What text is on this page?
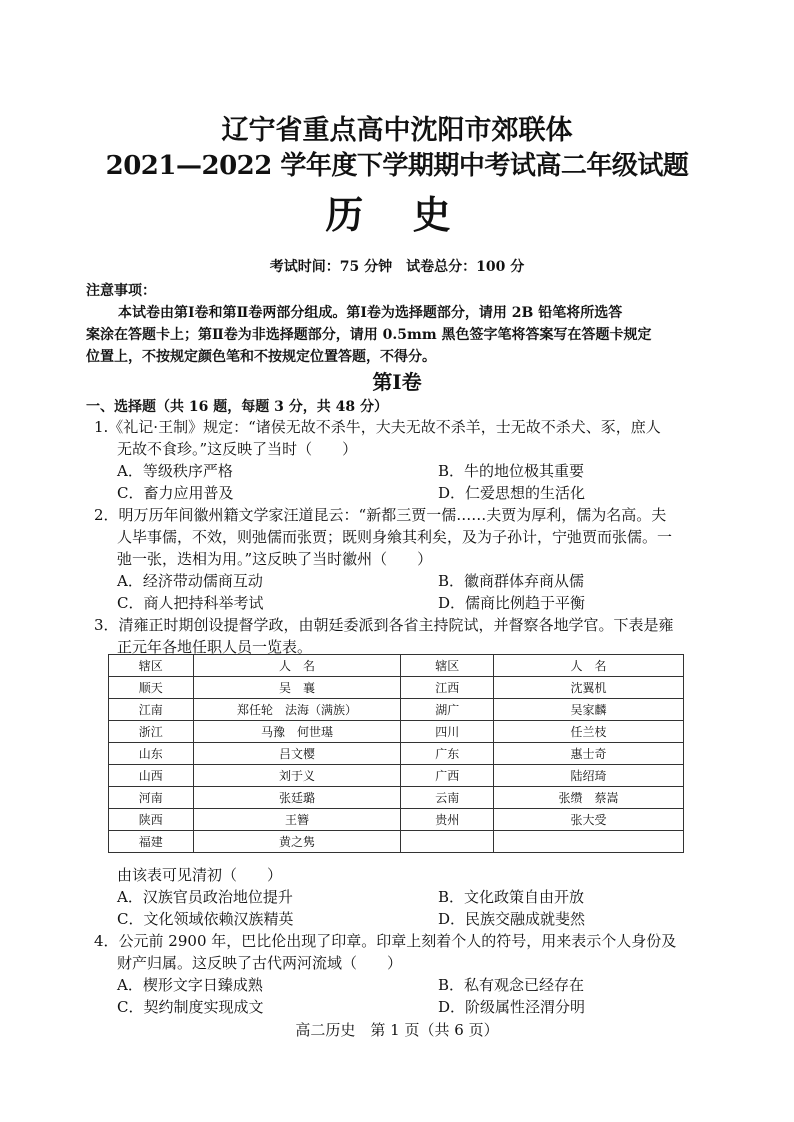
辽宁省重点高中沈阳市郊联体
2021—2022 学年度下学期期中考试高二年级试题
历 史
考试时间：75 分钟　试卷总分：100 分
注意事项：
本试卷由第Ⅰ卷和第Ⅱ卷两部分组成。第Ⅰ卷为选择题部分，请用 2B 铅笔将所选答
案涂在答题卡上；第Ⅱ卷为非选择题部分，请用 0.5mm 黑色签字笔将答案写在答题卡规定
位置上，不按规定颜色笔和不按规定位置答题，不得分。
第Ⅰ卷
一、选择题（共 16 题，每题 3 分，共 48 分）
1.《礼记·王制》规定：“诸侯无故不杀牛，大夫无故不杀羊，士无故不杀犬、豕，庶人
无故不食珍。”这反映了当时（　　）
A．等级秩序严格	B．牛的地位极其重要
C．畜力应用普及	D．仁爱思想的生活化
2．明万历年间徽州籍文学家汪道昆云：“新都三贾一儒……夫贾为厚利，儒为名高。夫
人毕事儒，不效，则弛儒而张贾；既则身飨其利矣，及为子孙计，宁弛贾而张儒。一
弛一张，迭相为用。”这反映了当时徽州（　　）
A．经济带动儒商互动	B．徽商群体弃商从儒
C．商人把持科举考试	D．儒商比例趋于平衡
3．清雍正时期创设提督学政，由朝廷委派到各省主持院试，并督察各地学官。下表是雍
正元年各地任职人员一览表。
辖区	人　名	辖区	人　名
顺天	吴　襄	江西	沈翼机
江南	郑任轮　法海（满族）	湖广	吴家麟
浙江	马豫　何世璂	四川	任兰枝
山东	吕文樱	广东	惠士奇
山西	刘于义	广西	陆绍琦
河南	张廷璐	云南	张缵　蔡嵩
陕西	王簪	贵州	张大受
福建	黄之隽		
由该表可见清初（　　）
A．汉族官员政治地位提升	B．文化政策自由开放
C．文化领域依赖汉族精英	D．民族交融成就斐然
4．公元前 2900 年，巴比伦出现了印章。印章上刻着个人的符号，用来表示个人身份及
财产归属。这反映了古代两河流域（　　）
A．楔形文字日臻成熟	B．私有观念已经存在
C．契约制度实现成文	D．阶级属性泾渭分明
高二历史　第 1 页（共 6 页）
